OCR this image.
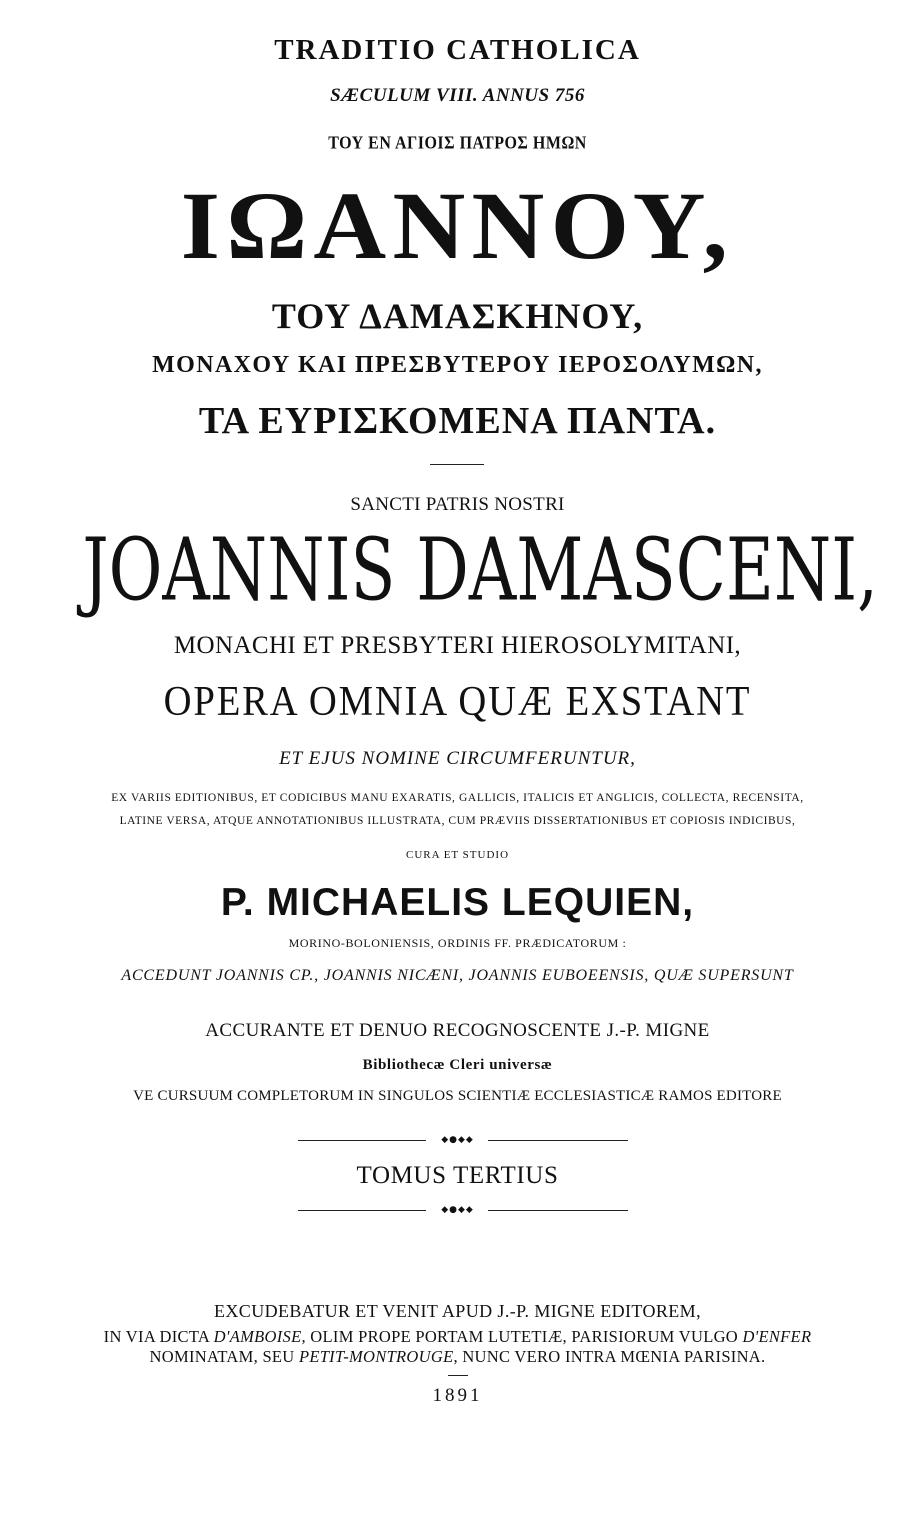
TRADITIO CATHOLICA
SÆCULUM VIII. ANNUS 756
ΤΟΥ ΕΝ ΑΓΙΟΙΣ ΠΑΤΡΟΣ ΗΜΩΝ
ΙΩΑΝΝΟΥ,
ΤΟΥ ΔΑΜΑΣΚΗΝΟΥ,
ΜΟΝΑΧΟΥ ΚΑΙ ΠΡΕΣΒΥΤΕΡΟΥ ΙΕΡΟΣΟΛΥΜΩΝ,
ΤΑ ΕΥΡΙΣΚΟΜΕΝΑ ΠΑΝΤΑ.
SANCTI PATRIS NOSTRI
JOANNIS DAMASCENI,
MONACHI ET PRESBYTERI HIEROSOLYMITANI,
OPERA OMNIA QUÆ EXSTANT
ET EJUS NOMINE CIRCUMFERUNTUR,
EX VARIIS EDITIONIBUS, ET CODICIBUS MANU EXARATIS, GALLICIS, ITALICIS ET ANGLICIS, COLLECTA, RECENSITA,
LATINE VERSA, ATQUE ANNOTATIONIBUS ILLUSTRATA, CUM PRÆVIIS DISSERTATIONIBUS ET COPIOSIS INDICIBUS,
CURA ET STUDIO
P. MICHAELIS LEQUIEN,
MORINO-BOLONIENSIS, ORDINIS FF. PRÆDICATORUM :
ACCEDUNT JOANNIS CP., JOANNIS NICÆNI, JOANNIS EUBOEENSIS, QUÆ SUPERSUNT
ACCURANTE ET DENUO RECOGNOSCENTE J.-P. MIGNE
Bibliothecæ Cleri universæ
VE CURSUUM COMPLETORUM IN SINGULOS SCIENTIÆ ECCLESIASTICÆ RAMOS EDITORE
◆●◆◆
TOMUS TERTIUS
◆●◆◆
EXCUDEBATUR ET VENIT APUD J.-P. MIGNE EDITOREM,
IN VIA DICTA D'AMBOISE, OLIM PROPE PORTAM LUTETIÆ, PARISIORUM VULGO D'ENFER
NOMINATAM, SEU PETIT-MONTROUGE, NUNC VERO INTRA MŒNIA PARISINA.
1891
